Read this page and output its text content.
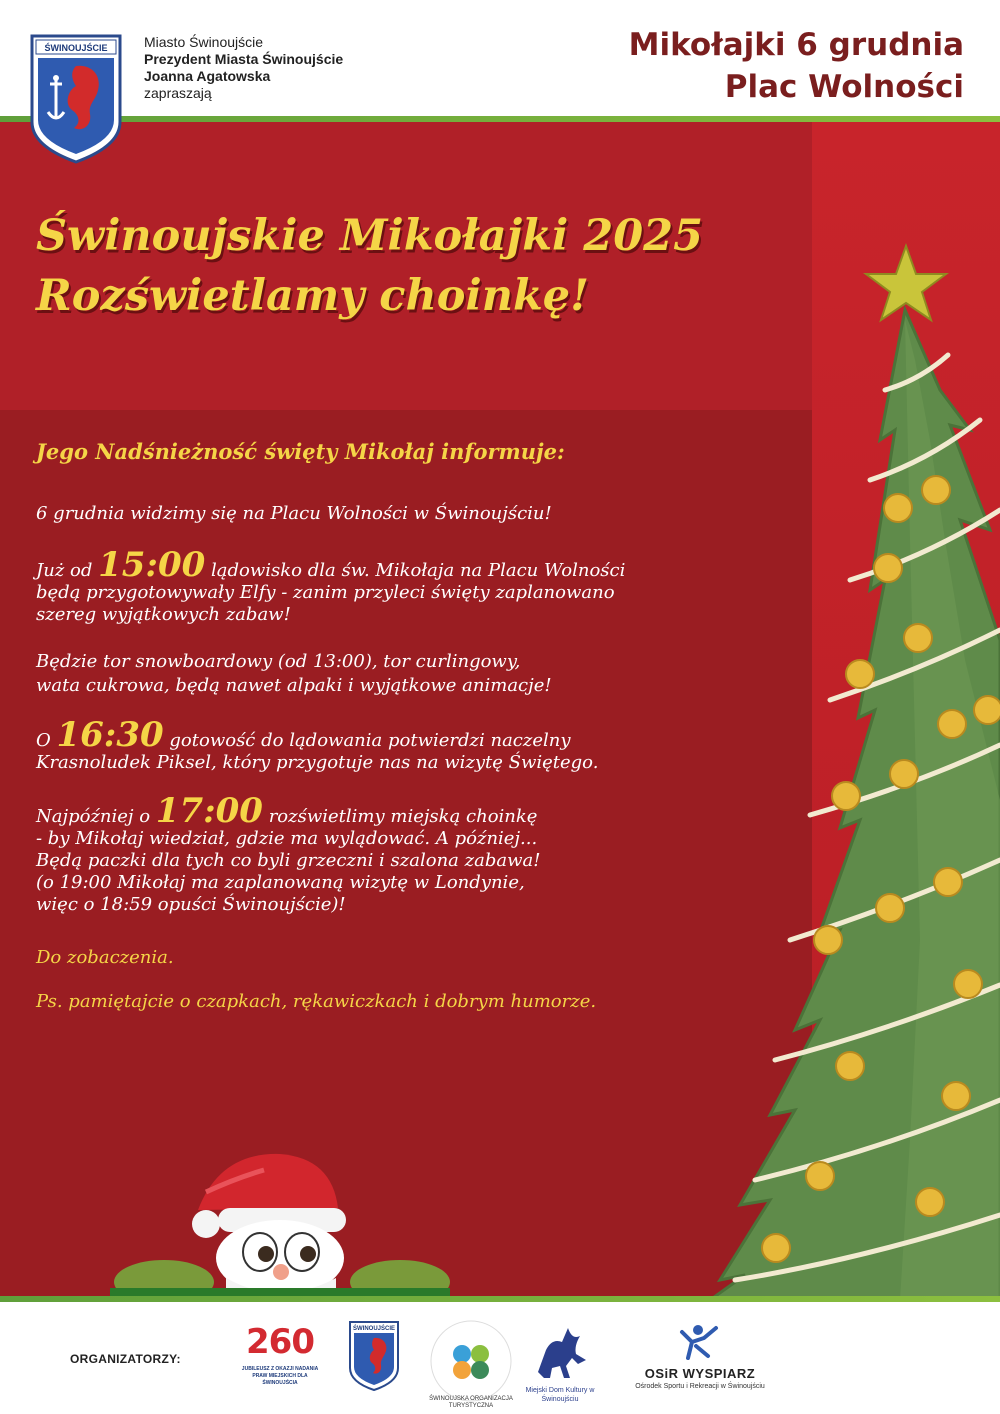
ŚWINOUJŚCIE	Miasto Świnoujście
Prezydent Miasta Świnoujście
Joanna Agatowska
zapraszają
Mikołajki 6 grudnia
Plac Wolności
Świnoujskie Mikołajki 2025
Rozświetlamy choinkę!

Jego Nadśnieżność święty Mikołaj informuje:

6 grudnia widzimy się na Placu Wolności w Świnoujściu!

Już od 15:00 lądowisko dla św. Mikołaja na Placu Wolności
będą przygotowywały Elfy - zanim przyleci święty zaplanowano
szereg wyjątkowych zabaw!

Będzie tor snowboardowy (od 13:00), tor curlingowy,
wata cukrowa, będą nawet alpaki i wyjątkowe animacje!

O 16:30 gotowość do lądowania potwierdzi naczelny
Krasnoludek Piksel, który przygotuje nas na wizytę Świętego.

Najpóźniej o 17:00 rozświetlimy miejską choinkę
- by Mikołaj wiedział, gdzie ma wylądować. A później...
Będą paczki dla tych co byli grzeczni i szalona zabawa!
(o 19:00 Mikołaj ma zaplanowaną wizytę w Londynie,
więc o 18:59 opuści Świnoujście)!

Do zobaczenia.

Ps. pamiętajcie o czapkach, rękawiczkach i dobrym humorze.

ORGANIZATORZY: 260
JUBILEUSZ Z OKAZJI NADANIA PRAW MIEJSKICH DLA ŚWINOUJŚCIA
ŚWINOUJŚCIE
ŚWINOUJSKA ORGANIZACJA TURYSTYCZNA
Miejski Dom Kultury w Świnoujściu
OSiR WYSPIARZ
Ośrodek Sportu i Rekreacji w Świnoujściu
